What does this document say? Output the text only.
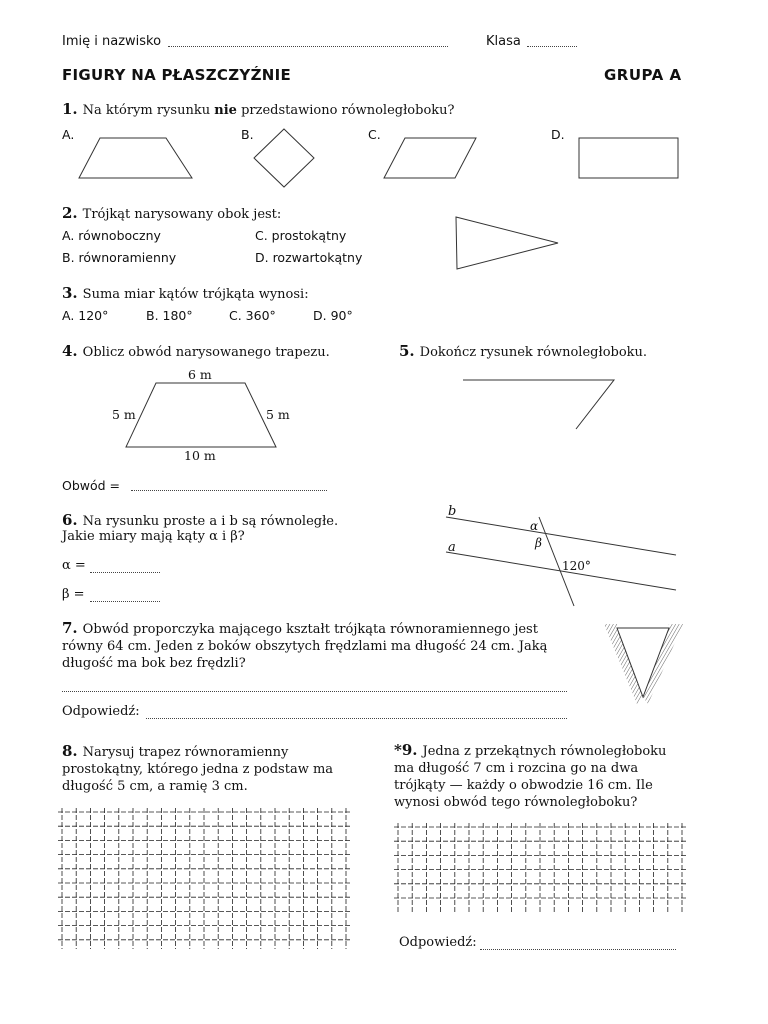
Imię i nazwisko	Klasa
FIGURY NA PŁASZCZYŹNIE	GRUPA A
1. Na którym rysunku nie przedstawiono równoległoboku?
A.	B.	C.	D.
2. Trójkąt narysowany obok jest:
A. równoboczny	C. prostokątny
B. równoramienny	D. rozwartokątny
3. Suma miar kątów trójkąta wynosi:
A. 120°	B. 180°	C. 360°	D. 90°
4. Oblicz obwód narysowanego trapezu.
6 m
5 m	5 m
10 m
Obwód =
5. Dokończ rysunek równoległoboku.
6. Na rysunku proste a i b są równoległe.
Jakie miary mają kąty α i β?
α =
β =
b
a
α
β
120°
7. Obwód proporczyka mającego kształt trójkąta równoramiennego jest równy 64 cm. Jeden z boków obszytych frędzlami ma długość 24 cm. Jaką długość ma bok bez frędzli?
Odpowiedź:
8. Narysuj trapez równoramienny prostokątny, którego jedna z podstaw ma długość 5 cm, a ramię 3 cm.
*9. Jedna z przekątnych równoległoboku ma długość 7 cm i rozcina go na dwa trójkąty — każdy o obwodzie 16 cm. Ile wynosi obwód tego równoległoboku?
Odpowiedź:
